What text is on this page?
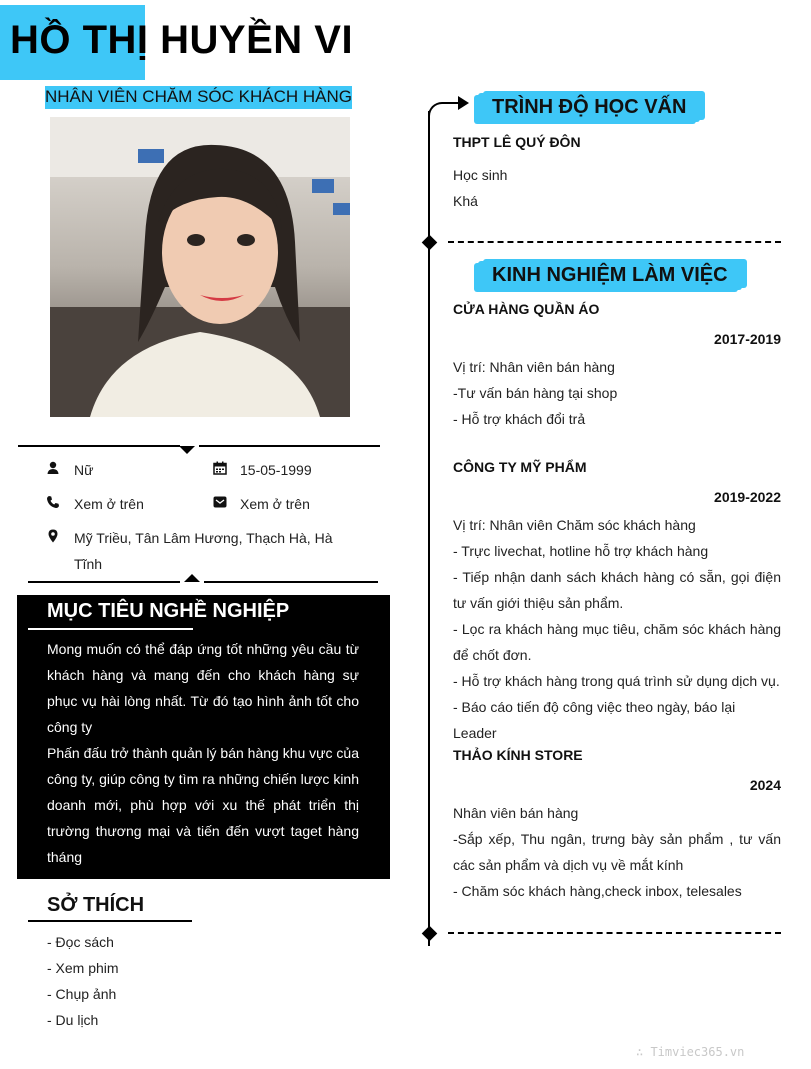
HỒ THỊ HUYỀN VI
NHÂN VIÊN CHĂM SÓC KHÁCH HÀNG
Nữ	15-05-1999
Xem ở trên	Xem ở trên
Mỹ Triều, Tân Lâm Hương, Thạch Hà, Hà
Tĩnh
MỤC TIÊU NGHỀ NGHIỆP
Mong muốn có thể đáp ứng tốt những yêu cầu từ khách hàng và mang đến cho khách hàng sự phục vụ hài lòng nhất. Từ đó tạo hình ảnh tốt cho công ty
Phấn đấu trở thành quản lý bán hàng khu vực của công ty, giúp công ty tìm ra những chiến lược kinh doanh mới, phù hợp với xu thế phát triển thị trường thương mại và tiến đến vượt taget hàng tháng
SỞ THÍCH
- Đọc sách
- Xem phim
- Chụp ảnh
- Du lịch
TRÌNH ĐỘ HỌC VẤN
THPT LÊ QUÝ ĐÔN
Học sinh
Khá
KINH NGHIỆM LÀM VIỆC
CỬA HÀNG QUẦN ÁO
2017-2019
Vị trí: Nhân viên bán hàng
-Tư vấn bán hàng tại shop
- Hỗ trợ khách đổi trả
CÔNG TY MỸ PHẨM
2019-2022
Vị trí: Nhân viên Chăm sóc khách hàng
- Trực livechat, hotline hỗ trợ khách hàng
- Tiếp nhận danh sách khách hàng có sẵn, gọi điện tư vấn giới thiệu sản phẩm.
- Lọc ra khách hàng mục tiêu, chăm sóc khách hàng để chốt đơn.
- Hỗ trợ khách hàng trong quá trình sử dụng dịch vụ.
- Báo cáo tiến độ công việc theo ngày, báo lại Leader
THẢO KÍNH STORE
2024
Nhân viên bán hàng
-Sắp xếp, Thu ngân, trưng bày sản phẩm , tư vấn các sản phẩm và dịch vụ về mắt kính
- Chăm sóc khách hàng,check inbox, telesales
∴ Timviec365.vn
